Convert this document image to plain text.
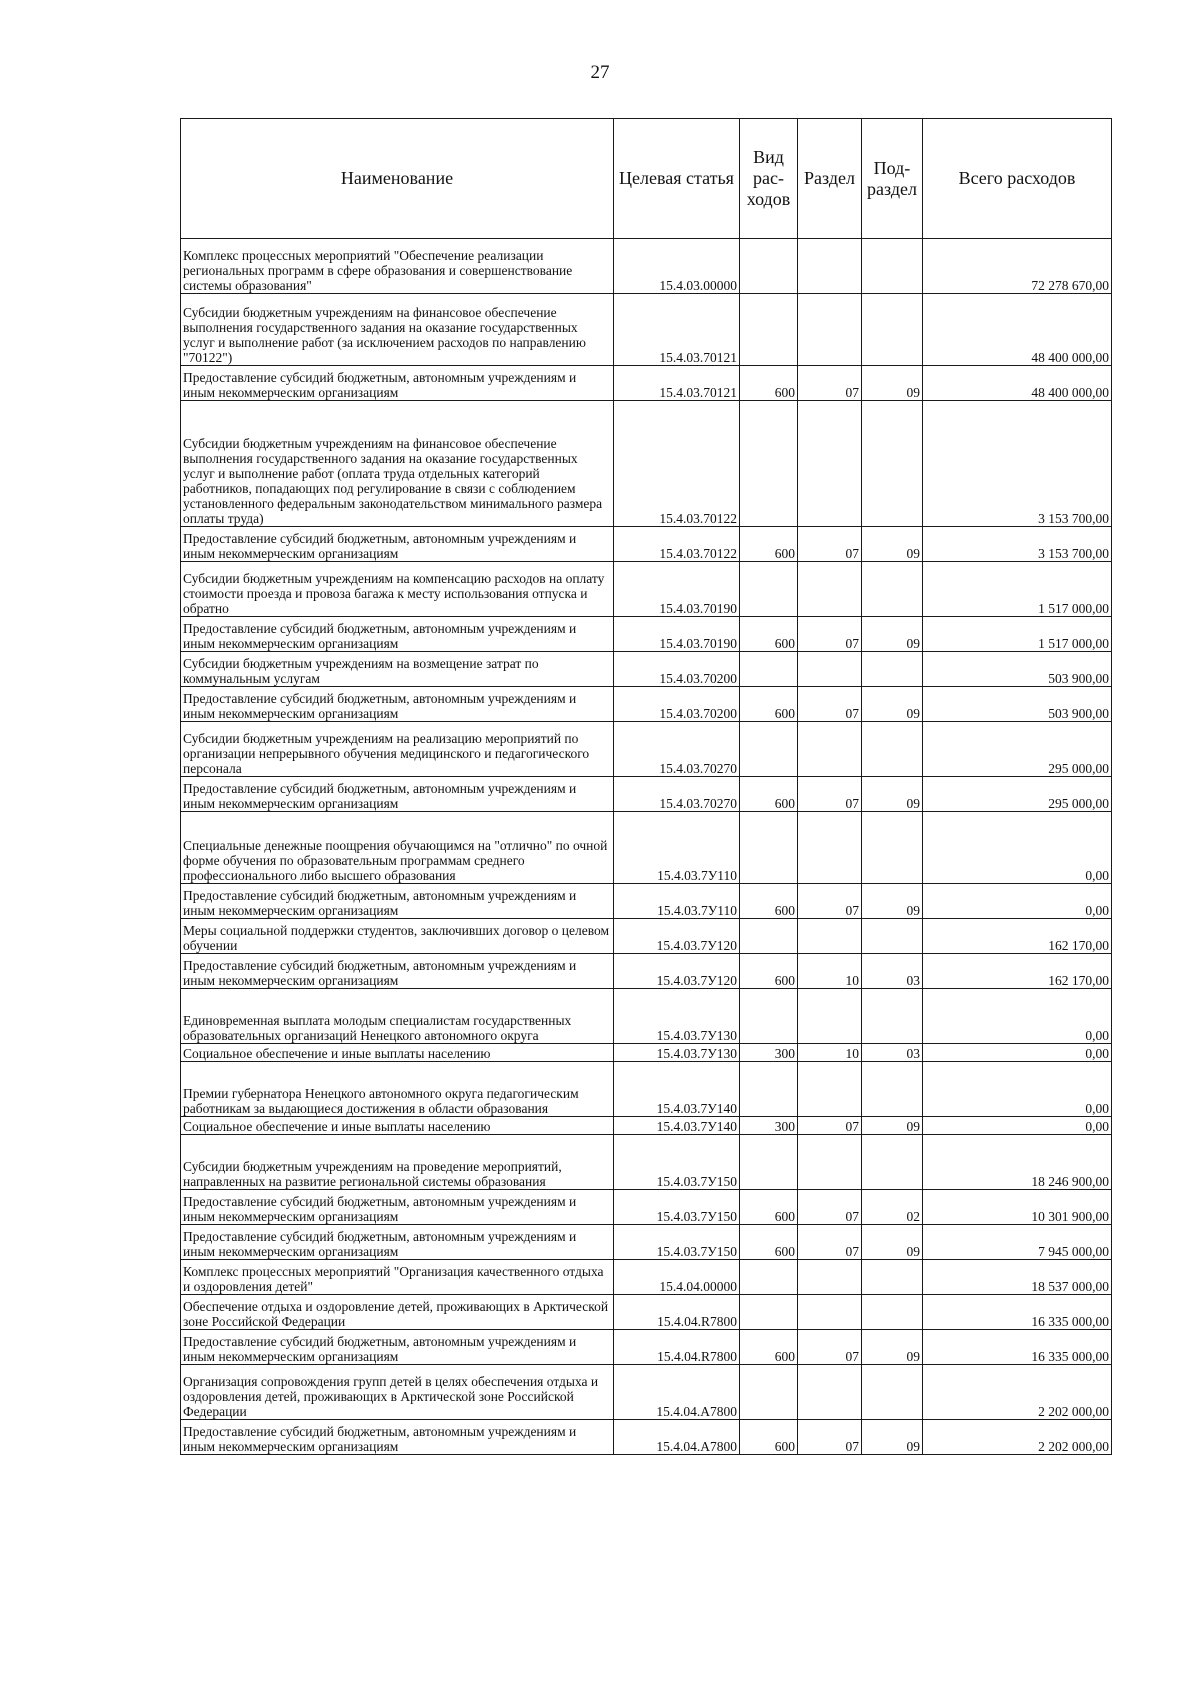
27
Наименование	Целевая статья	Вид рас- ходов	Раздел	Под- раздел	Всего расходов
Комплекс процессных мероприятий "Обеспечение реализации региональных программ в сфере образования и совершенствование системы образования"	15.4.03.00000				72 278 670,00
Субсидии бюджетным учреждениям на финансовое обеспечение выполнения государственного задания на оказание государственных услуг и выполнение работ (за исключением расходов по направлению "70122")	15.4.03.70121				48 400 000,00
Предоставление субсидий бюджетным, автономным учреждениям и иным некоммерческим организациям	15.4.03.70121	600	07	09	48 400 000,00
Субсидии бюджетным учреждениям на финансовое обеспечение выполнения государственного задания на оказание государственных услуг и выполнение работ (оплата труда отдельных категорий работников, попадающих под регулирование в связи с соблюдением установленного федеральным законодательством минимального размера оплаты труда)	15.4.03.70122				3 153 700,00
Предоставление субсидий бюджетным, автономным учреждениям и иным некоммерческим организациям	15.4.03.70122	600	07	09	3 153 700,00
Субсидии бюджетным учреждениям на компенсацию расходов на оплату стоимости проезда и провоза багажа к месту использования отпуска и обратно	15.4.03.70190				1 517 000,00
Предоставление субсидий бюджетным, автономным учреждениям и иным некоммерческим организациям	15.4.03.70190	600	07	09	1 517 000,00
Субсидии бюджетным учреждениям на возмещение затрат по коммунальным услугам	15.4.03.70200				503 900,00
Предоставление субсидий бюджетным, автономным учреждениям и иным некоммерческим организациям	15.4.03.70200	600	07	09	503 900,00
Субсидии бюджетным учреждениям на реализацию мероприятий по организации непрерывного обучения медицинского и педагогического персонала	15.4.03.70270				295 000,00
Предоставление субсидий бюджетным, автономным учреждениям и иным некоммерческим организациям	15.4.03.70270	600	07	09	295 000,00
Специальные денежные поощрения обучающимся на "отлично" по очной форме обучения по образовательным программам среднего профессионального либо высшего образования	15.4.03.7У110				0,00
Предоставление субсидий бюджетным, автономным учреждениям и иным некоммерческим организациям	15.4.03.7У110	600	07	09	0,00
Меры социальной поддержки студентов, заключивших договор о целевом обучении	15.4.03.7У120				162 170,00
Предоставление субсидий бюджетным, автономным учреждениям и иным некоммерческим организациям	15.4.03.7У120	600	10	03	162 170,00
Единовременная выплата молодым специалистам государственных образовательных организаций Ненецкого автономного округа	15.4.03.7У130				0,00
Социальное обеспечение и иные выплаты населению	15.4.03.7У130	300	10	03	0,00
Премии губернатора Ненецкого автономного округа педагогическим работникам за выдающиеся достижения в области образования	15.4.03.7У140				0,00
Социальное обеспечение и иные выплаты населению	15.4.03.7У140	300	07	09	0,00
Субсидии бюджетным учреждениям на проведение мероприятий, направленных на развитие региональной системы образования	15.4.03.7У150				18 246 900,00
Предоставление субсидий бюджетным, автономным учреждениям и иным некоммерческим организациям	15.4.03.7У150	600	07	02	10 301 900,00
Предоставление субсидий бюджетным, автономным учреждениям и иным некоммерческим организациям	15.4.03.7У150	600	07	09	7 945 000,00
Комплекс процессных мероприятий "Организация качественного отдыха и оздоровления детей"	15.4.04.00000				18 537 000,00
Обеспечение отдыха и оздоровление детей, проживающих в Арктической зоне Российской Федерации	15.4.04.R7800				16 335 000,00
Предоставление субсидий бюджетным, автономным учреждениям и иным некоммерческим организациям	15.4.04.R7800	600	07	09	16 335 000,00
Организация сопровождения групп детей в целях обеспечения отдыха и оздоровления детей, проживающих в Арктической зоне Российской Федерации	15.4.04.А7800				2 202 000,00
Предоставление субсидий бюджетным, автономным учреждениям и иным некоммерческим организациям	15.4.04.А7800	600	07	09	2 202 000,00
